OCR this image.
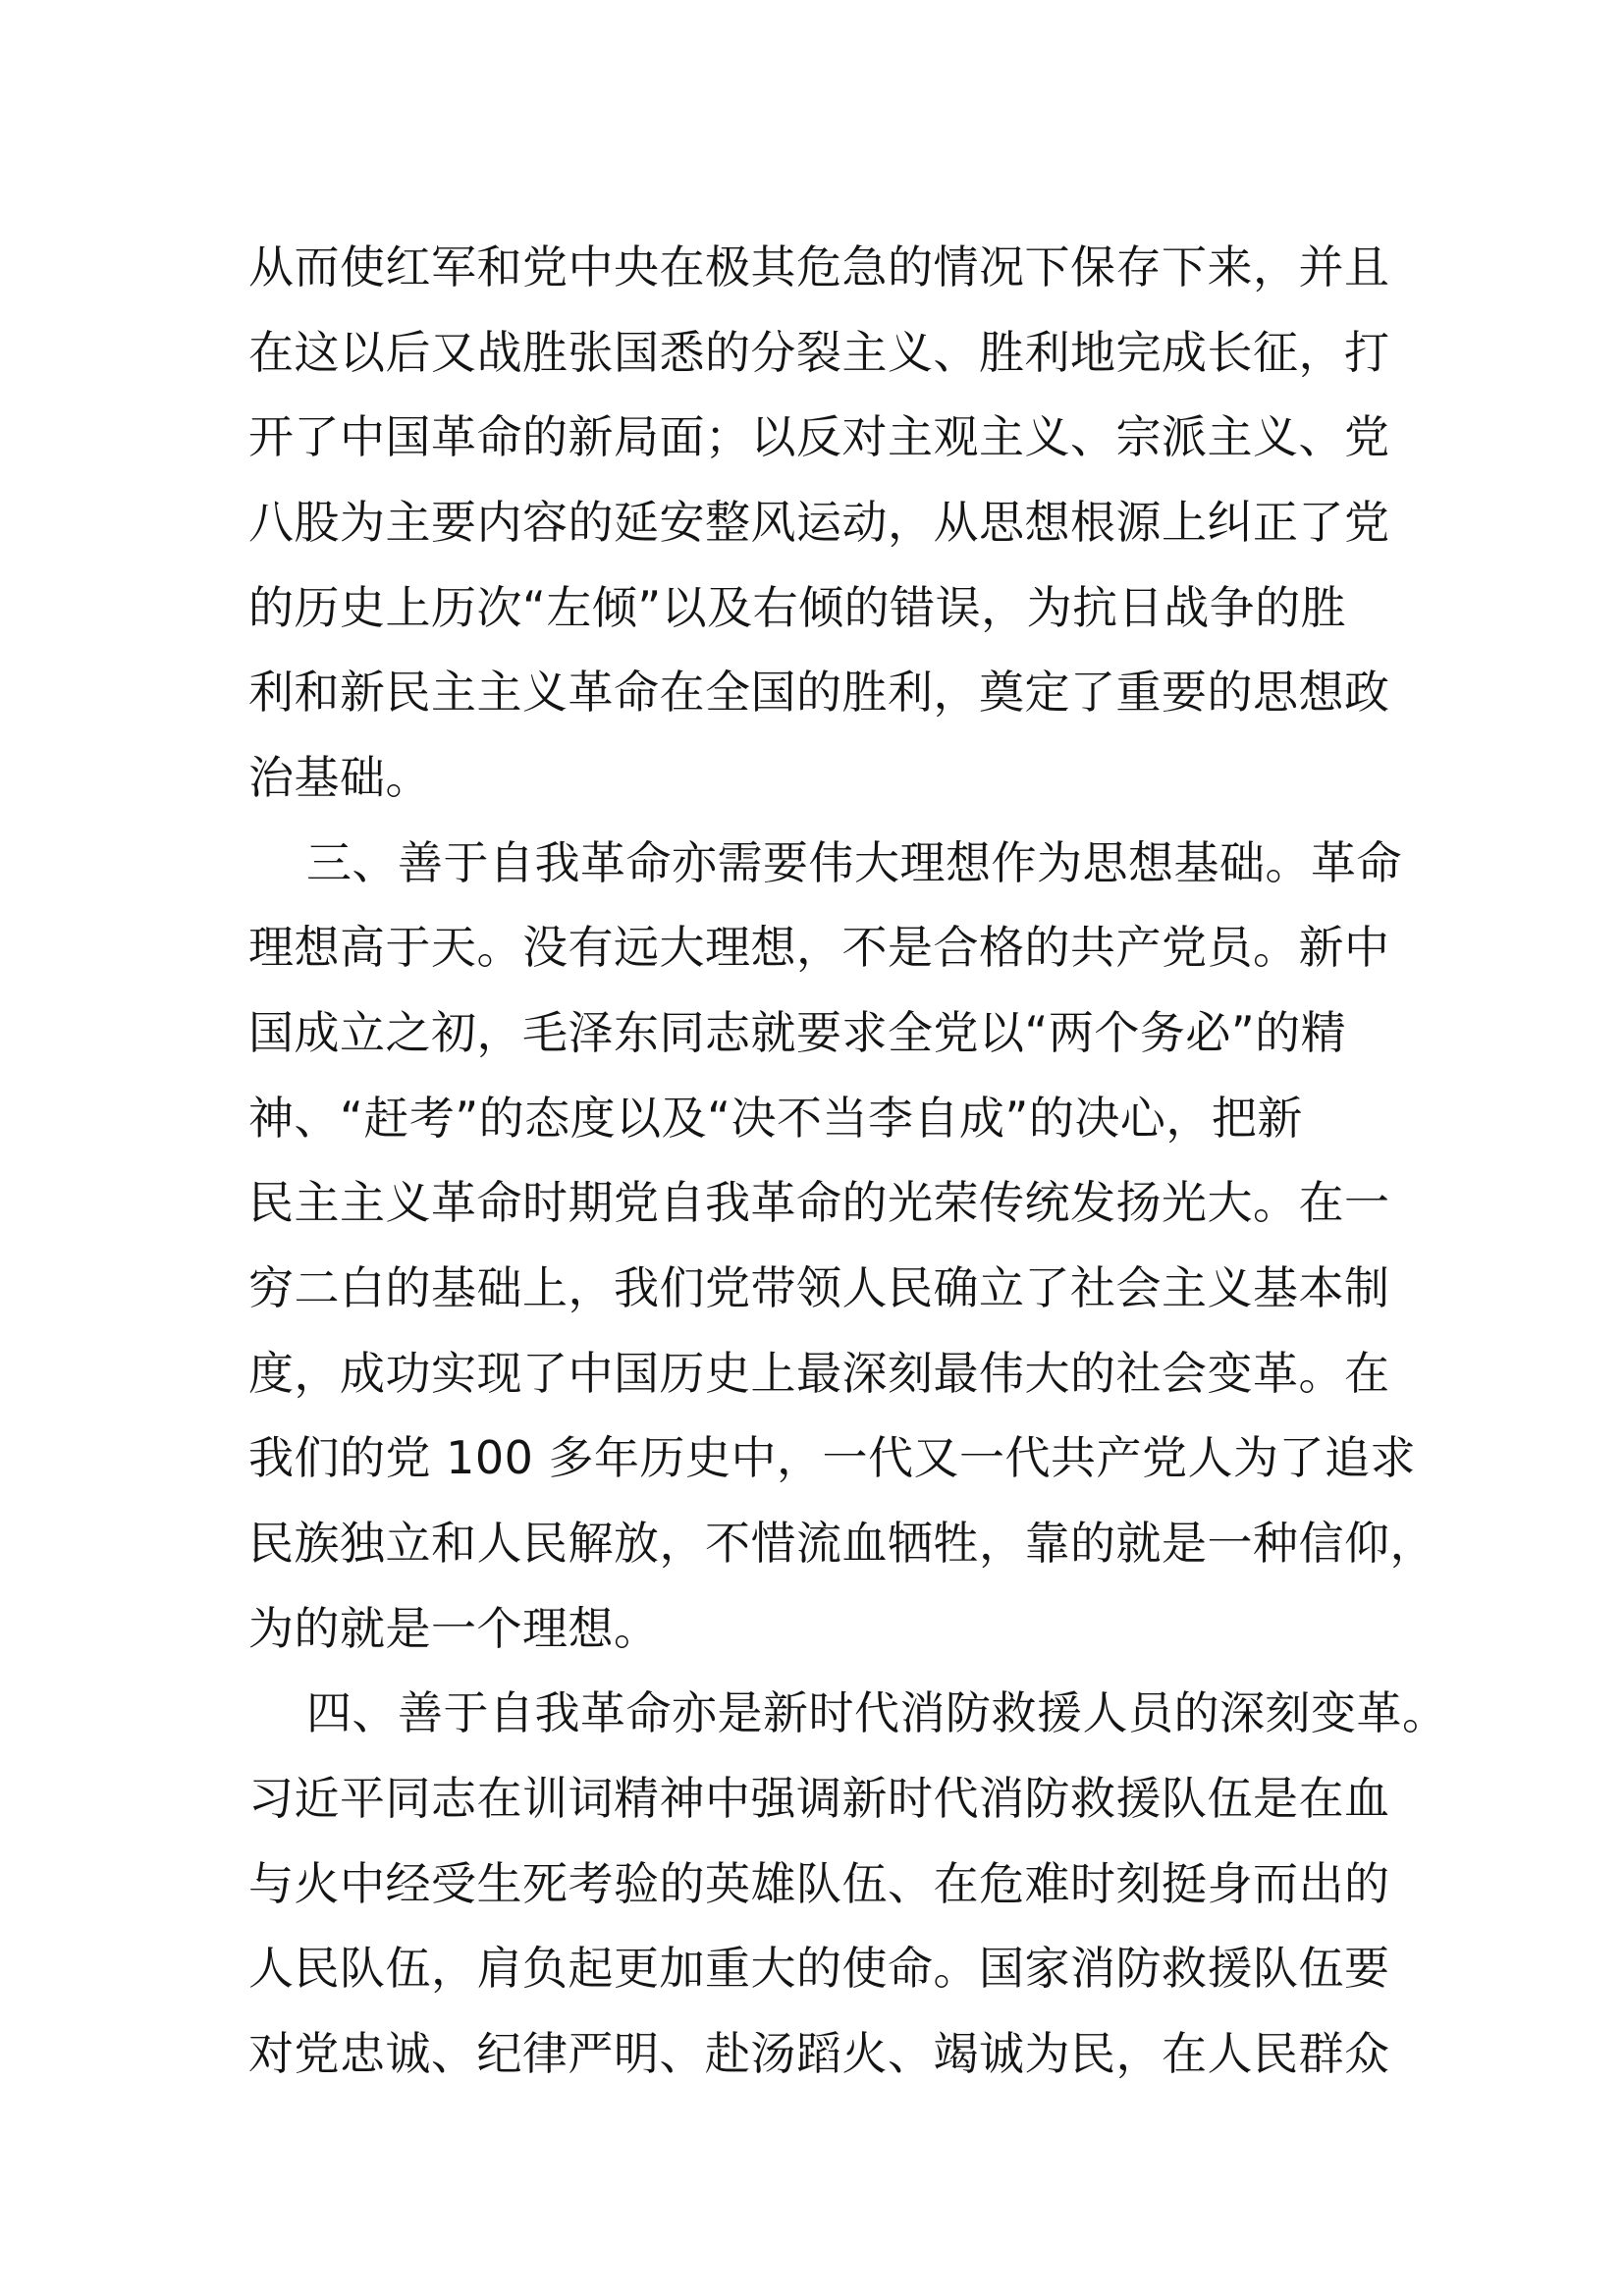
从而使红军和党中央在极其危急的情况下保存下来，并且
在这以后又战胜张国悉的分裂主义、胜利地完成长征，打
开了中国革命的新局面；以反对主观主义、宗派主义、党
八股为主要内容的延安整风运动，从思想根源上纠正了党
的历史上历次“左倾”以及右倾的错误，为抗日战争的胜
利和新民主主义革命在全国的胜利，奠定了重要的思想政
治基础。
三、善于自我革命亦需要伟大理想作为思想基础。革命
理想高于天。没有远大理想，不是合格的共产党员。新中
国成立之初，毛泽东同志就要求全党以“两个务必”的精
神、“赶考”的态度以及“决不当李自成”的决心，把新
民主主义革命时期党自我革命的光荣传统发扬光大。在一
穷二白的基础上，我们党带领人民确立了社会主义基本制
度，成功实现了中国历史上最深刻最伟大的社会变革。在
我们的党 100 多年历史中，一代又一代共产党人为了追求
民族独立和人民解放，不惜流血牺牲，靠的就是一种信仰，
为的就是一个理想。
四、善于自我革命亦是新时代消防救援人员的深刻变革。
习近平同志在训词精神中强调新时代消防救援队伍是在血
与火中经受生死考验的英雄队伍、在危难时刻挺身而出的
人民队伍，肩负起更加重大的使命。国家消防救援队伍要
对党忠诚、纪律严明、赴汤蹈火、竭诚为民，在人民群众
